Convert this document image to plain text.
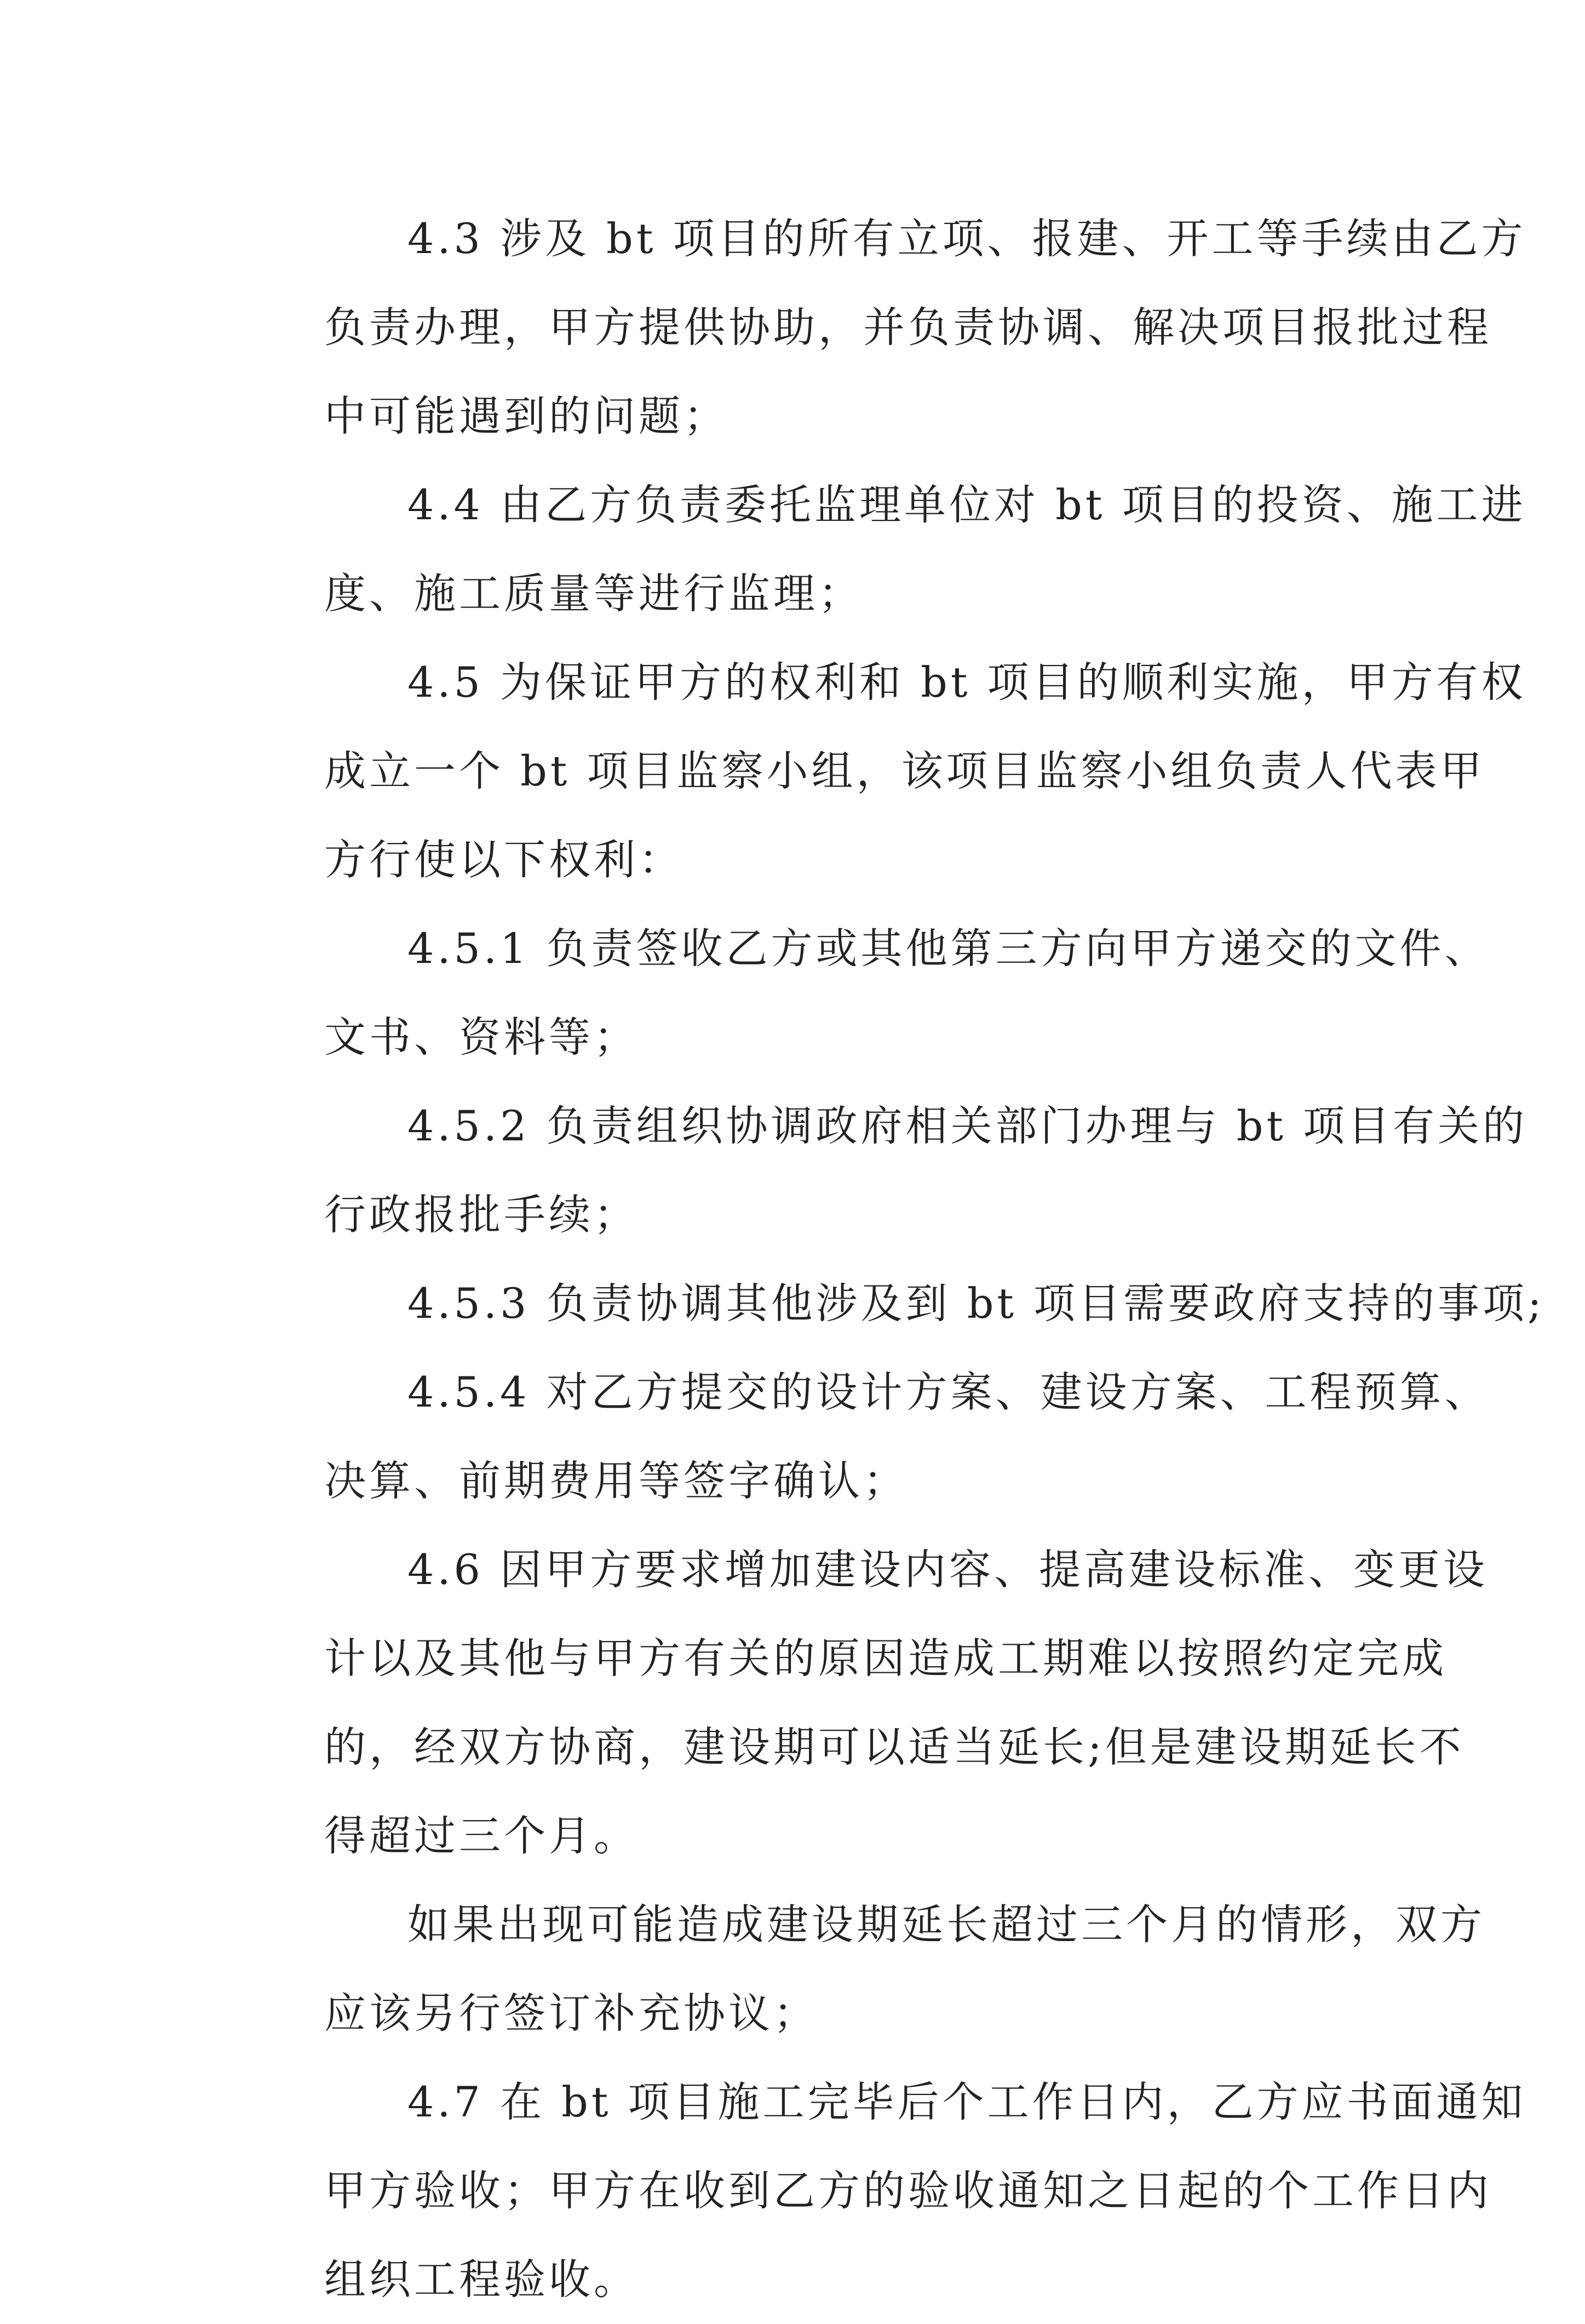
4.3 涉及 bt 项目的所有立项、报建、开工等手续由乙方
负责办理，甲方提供协助，并负责协调、解决项目报批过程
中可能遇到的问题；

4.4 由乙方负责委托监理单位对 bt 项目的投资、施工进
度、施工质量等进行监理；

4.5 为保证甲方的权利和 bt 项目的顺利实施，甲方有权
成立一个 bt 项目监察小组，该项目监察小组负责人代表甲
方行使以下权利：

4.5.1 负责签收乙方或其他第三方向甲方递交的文件、
文书、资料等；

4.5.2 负责组织协调政府相关部门办理与 bt 项目有关的
行政报批手续；

4.5.3 负责协调其他涉及到 bt 项目需要政府支持的事项;

4.5.4 对乙方提交的设计方案、建设方案、工程预算、
决算、前期费用等签字确认；

4.6 因甲方要求增加建设内容、提高建设标准、变更设
计以及其他与甲方有关的原因造成工期难以按照约定完成
的，经双方协商，建设期可以适当延长;但是建设期延长不
得超过三个月。

如果出现可能造成建设期延长超过三个月的情形，双方
应该另行签订补充协议；

4.7 在 bt 项目施工完毕后个工作日内，乙方应书面通知
甲方验收；甲方在收到乙方的验收通知之日起的个工作日内
组织工程验收。
